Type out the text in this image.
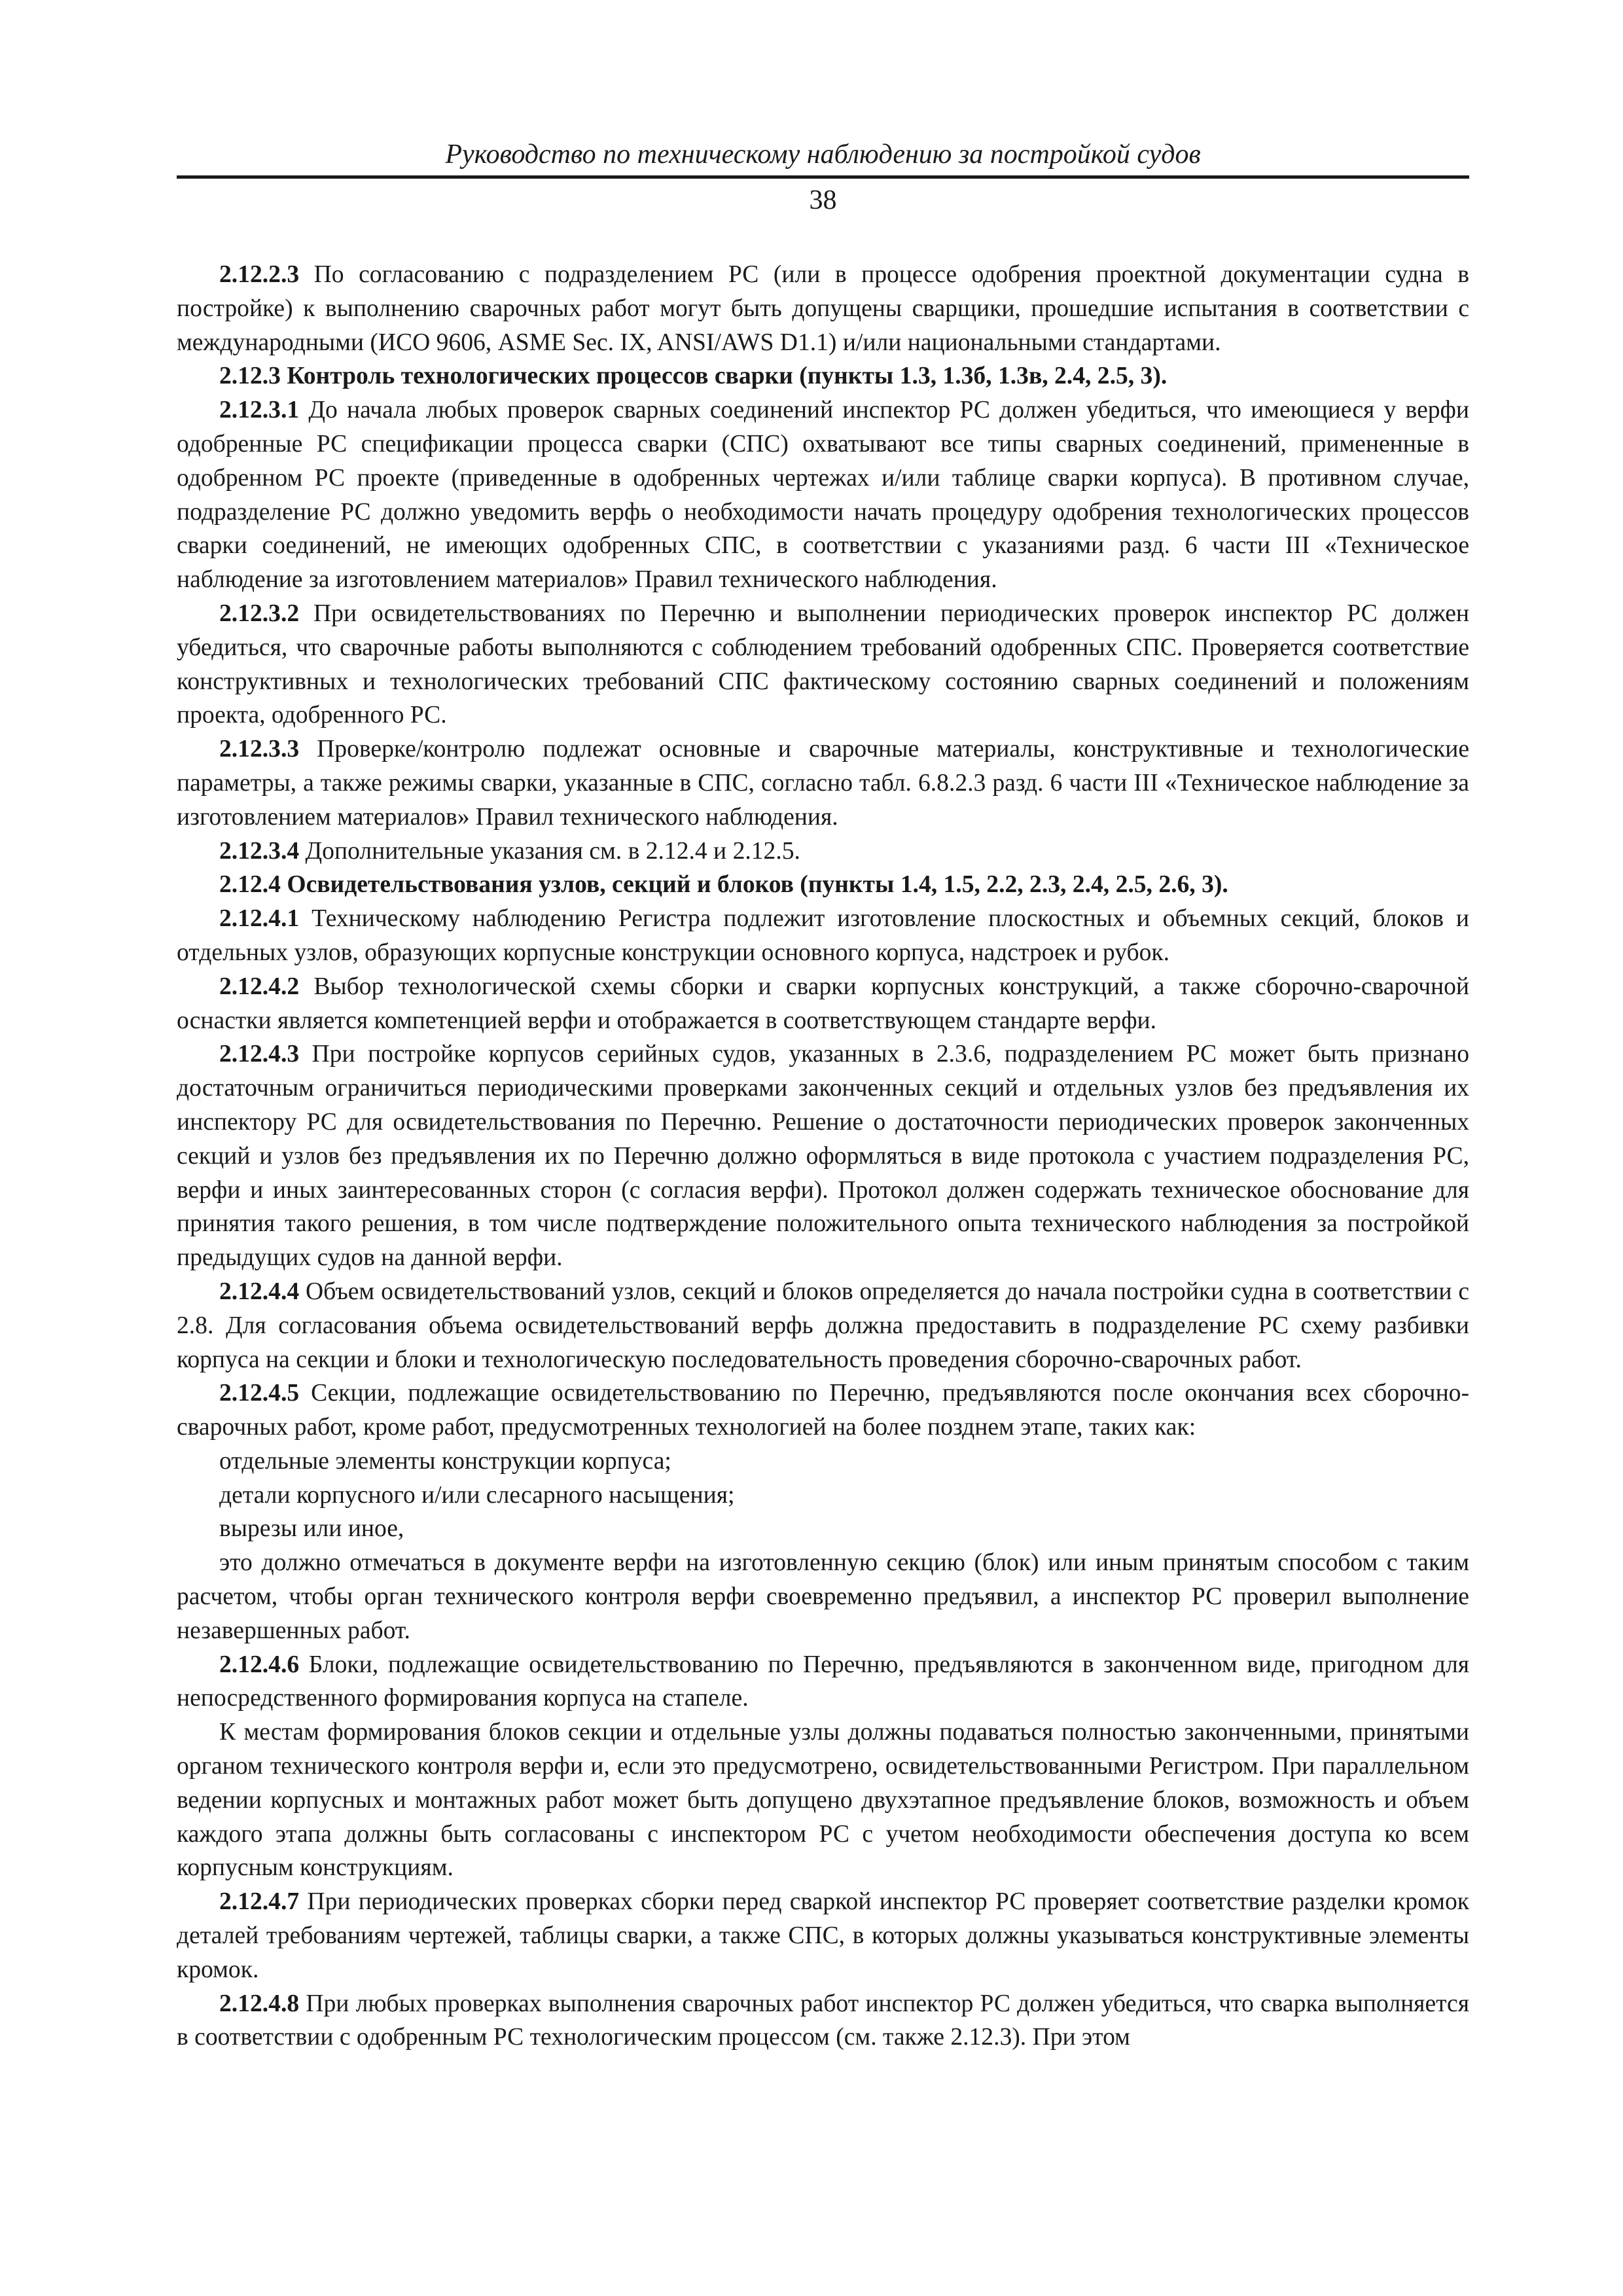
Руководство по техническому наблюдению за постройкой судов
38

2.12.2.3 По согласованию с подразделением РС (или в процессе одобрения проектной документации судна в постройке) к выполнению сварочных работ могут быть допущены сварщики, прошедшие испытания в соответствии с международными (ИСО 9606, ASME Sec. IX, ANSI/AWS D1.1) и/или национальными стандартами.

2.12.3 Контроль технологических процессов сварки (пункты 1.3, 1.3б, 1.3в, 2.4, 2.5, 3).

2.12.3.1 До начала любых проверок сварных соединений инспектор РС должен убедиться, что имеющиеся у верфи одобренные РС спецификации процесса сварки (СПС) охватывают все типы сварных соединений, примененные в одобренном РС проекте (приведенные в одобренных чертежах и/или таблице сварки корпуса). В противном случае, подразделение РС должно уведомить верфь о необходимости начать процедуру одобрения технологических процессов сварки соединений, не имеющих одобренных СПС, в соответствии с указаниями разд. 6 части III «Техническое наблюдение за изготовлением материалов» Правил технического наблюдения.

2.12.3.2 При освидетельствованиях по Перечню и выполнении периодических проверок инспектор РС должен убедиться, что сварочные работы выполняются с соблюдением требований одобренных СПС. Проверяется соответствие конструктивных и технологических требований СПС фактическому состоянию сварных соединений и положениям проекта, одобренного РС.

2.12.3.3 Проверке/контролю подлежат основные и сварочные материалы, конструктивные и технологические параметры, а также режимы сварки, указанные в СПС, согласно табл. 6.8.2.3 разд. 6 части III «Техническое наблюдение за изготовлением материалов» Правил технического наблюдения.

2.12.3.4 Дополнительные указания см. в 2.12.4 и 2.12.5.

2.12.4 Освидетельствования узлов, секций и блоков (пункты 1.4, 1.5, 2.2, 2.3, 2.4, 2.5, 2.6, 3).

2.12.4.1 Техническому наблюдению Регистра подлежит изготовление плоскостных и объемных секций, блоков и отдельных узлов, образующих корпусные конструкции основного корпуса, надстроек и рубок.

2.12.4.2 Выбор технологической схемы сборки и сварки корпусных конструкций, а также сборочно-сварочной оснастки является компетенцией верфи и отображается в соответствующем стандарте верфи.

2.12.4.3 При постройке корпусов серийных судов, указанных в 2.3.6, подразделением РС может быть признано достаточным ограничиться периодическими проверками законченных секций и отдельных узлов без предъявления их инспектору РС для освидетельствования по Перечню. Решение о достаточности периодических проверок законченных секций и узлов без предъявления их по Перечню должно оформляться в виде протокола с участием подразделения РС, верфи и иных заинтересованных сторон (с согласия верфи). Протокол должен содержать техническое обоснование для принятия такого решения, в том числе подтверждение положительного опыта технического наблюдения за постройкой предыдущих судов на данной верфи.

2.12.4.4 Объем освидетельствований узлов, секций и блоков определяется до начала постройки судна в соответствии с 2.8. Для согласования объема освидетельствований верфь должна предоставить в подразделение РС схему разбивки корпуса на секции и блоки и технологическую последовательность проведения сборочно-сварочных работ.

2.12.4.5 Секции, подлежащие освидетельствованию по Перечню, предъявляются после окончания всех сборочно-сварочных работ, кроме работ, предусмотренных технологией на более позднем этапе, таких как:

отдельные элементы конструкции корпуса;

детали корпусного и/или слесарного насыщения;

вырезы или иное,

это должно отмечаться в документе верфи на изготовленную секцию (блок) или иным принятым способом с таким расчетом, чтобы орган технического контроля верфи своевременно предъявил, а инспектор РС проверил выполнение незавершенных работ.

2.12.4.6 Блоки, подлежащие освидетельствованию по Перечню, предъявляются в законченном виде, пригодном для непосредственного формирования корпуса на стапеле.

К местам формирования блоков секции и отдельные узлы должны подаваться полностью законченными, принятыми органом технического контроля верфи и, если это предусмотрено, освидетельствованными Регистром. При параллельном ведении корпусных и монтажных работ может быть допущено двухэтапное предъявление блоков, возможность и объем каждого этапа должны быть согласованы с инспектором РС с учетом необходимости обеспечения доступа ко всем корпусным конструкциям.

2.12.4.7 При периодических проверках сборки перед сваркой инспектор РС проверяет соответствие разделки кромок деталей требованиям чертежей, таблицы сварки, а также СПС, в которых должны указываться конструктивные элементы кромок.

2.12.4.8 При любых проверках выполнения сварочных работ инспектор РС должен убедиться, что сварка выполняется в соответствии с одобренным РС технологическим процессом (см. также 2.12.3). При этом
